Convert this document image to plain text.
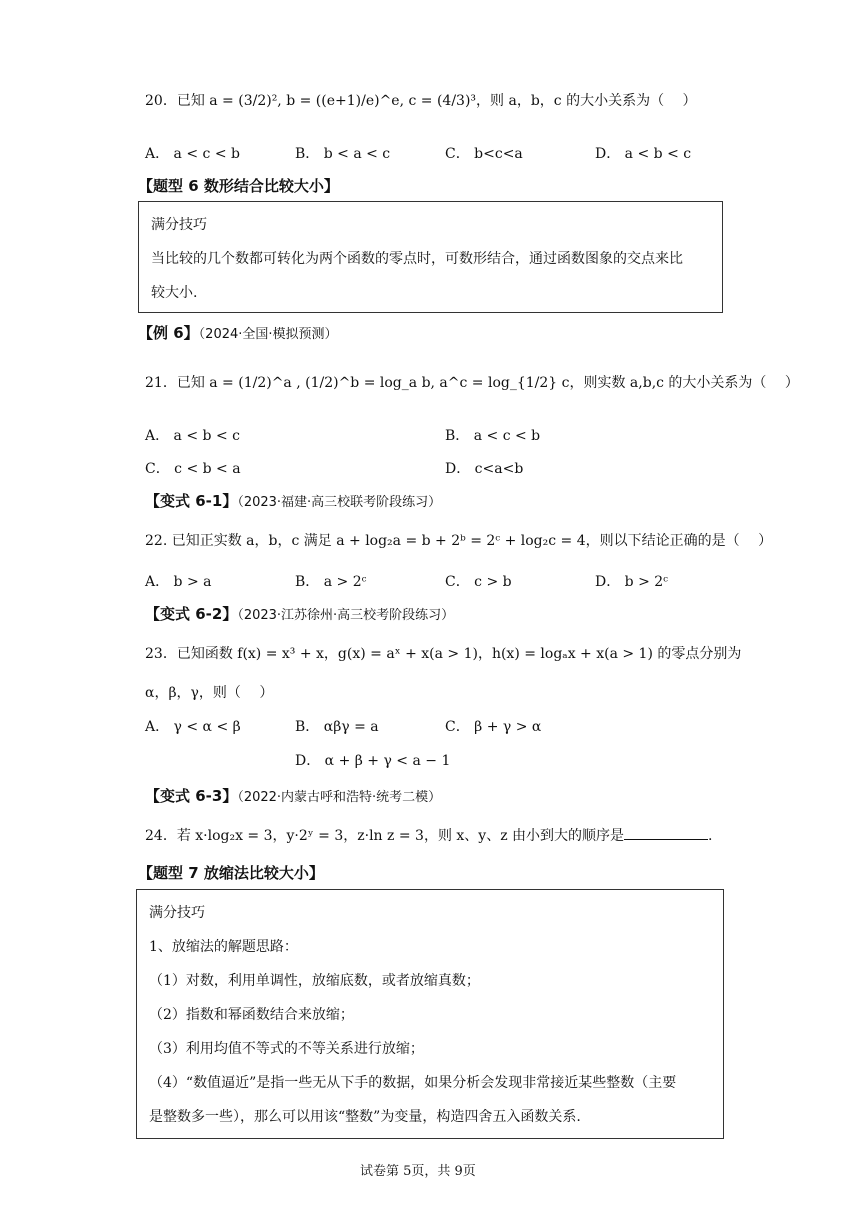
20．已知 a = (3/2)², b = ((e+1)/e)^e, c = (4/3)³，则 a，b，c 的大小关系为（　 ）
A． a < c < b	B． b < a < c	C． b<c<a	D． a < b < c
【题型 6 数形结合比较大小】
满分技巧
当比较的几个数都可转化为两个函数的零点时，可数形结合，通过函数图象的交点来比
较大小.
【例 6】（2024·全国·模拟预测）
21．已知 a = (1/2)^a , (1/2)^b = log_a b, a^c = log_{1/2} c，则实数 a,b,c 的大小关系为（　 ）
A． a < b < c	B． a < c < b
C． c < b < a	D． c<a<b
【变式 6-1】（2023·福建·高三校联考阶段练习）
22. 已知正实数 a，b，c 满足 a + log₂a = b + 2ᵇ = 2ᶜ + log₂c = 4，则以下结论正确的是（　 ）
A． b > a	B． a > 2ᶜ	C． c > b	D． b > 2ᶜ
【变式 6-2】（2023·江苏徐州·高三校考阶段练习）
23．已知函数 f(x) = x³ + x，g(x) = aˣ + x(a > 1)，h(x) = logₐx + x(a > 1) 的零点分别为
α，β，γ，则（　 ）
A． γ < α < β	B． αβγ = a	C． β + γ > α
D． α + β + γ < a − 1
【变式 6-3】（2022·内蒙古呼和浩特·统考二模）
24．若 x·log₂x = 3，y·2ʸ = 3，z·ln z = 3，则 x、y、z 由小到大的顺序是	.
【题型 7 放缩法比较大小】
满分技巧
1、放缩法的解题思路：
（1）对数，利用单调性，放缩底数，或者放缩真数；
（2）指数和幂函数结合来放缩；
（3）利用均值不等式的不等关系进行放缩；
（4）“数值逼近”是指一些无从下手的数据，如果分析会发现非常接近某些整数（主要
是整数多一些），那么可以用该“整数”为变量，构造四舍五入函数关系.
试卷第 5页，共 9页
